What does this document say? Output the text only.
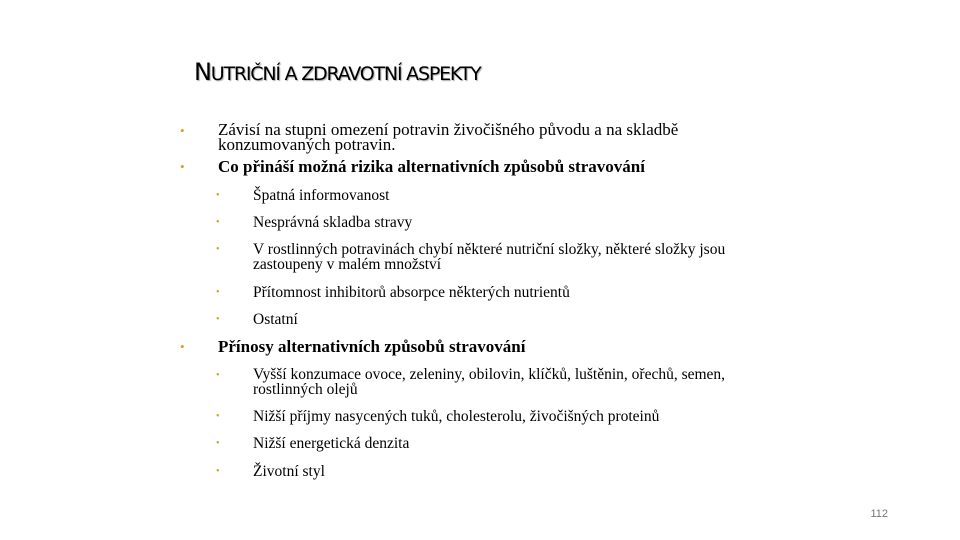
NUTRIČNÍ A ZDRAVOTNÍ ASPEKTY
• Závisí na stupni omezení potravin živočišného původu a na skladbě
konzumovaných potravin.
• Co přináší možná rizika alternativních způsobů stravování
• Špatná informovanost
• Nesprávná skladba stravy
• V rostlinných potravinách chybí některé nutriční složky, některé složky jsou
zastoupeny v malém množství
• Přítomnost inhibitorů absorpce některých nutrientů
• Ostatní
• Přínosy alternativních způsobů stravování
• Vyšší konzumace ovoce, zeleniny, obilovin, klíčků, luštěnin, ořechů, semen,
rostlinných olejů
• Nižší příjmy nasycených tuků, cholesterolu, živočišných proteinů
• Nižší energetická denzita
• Životní styl
112
